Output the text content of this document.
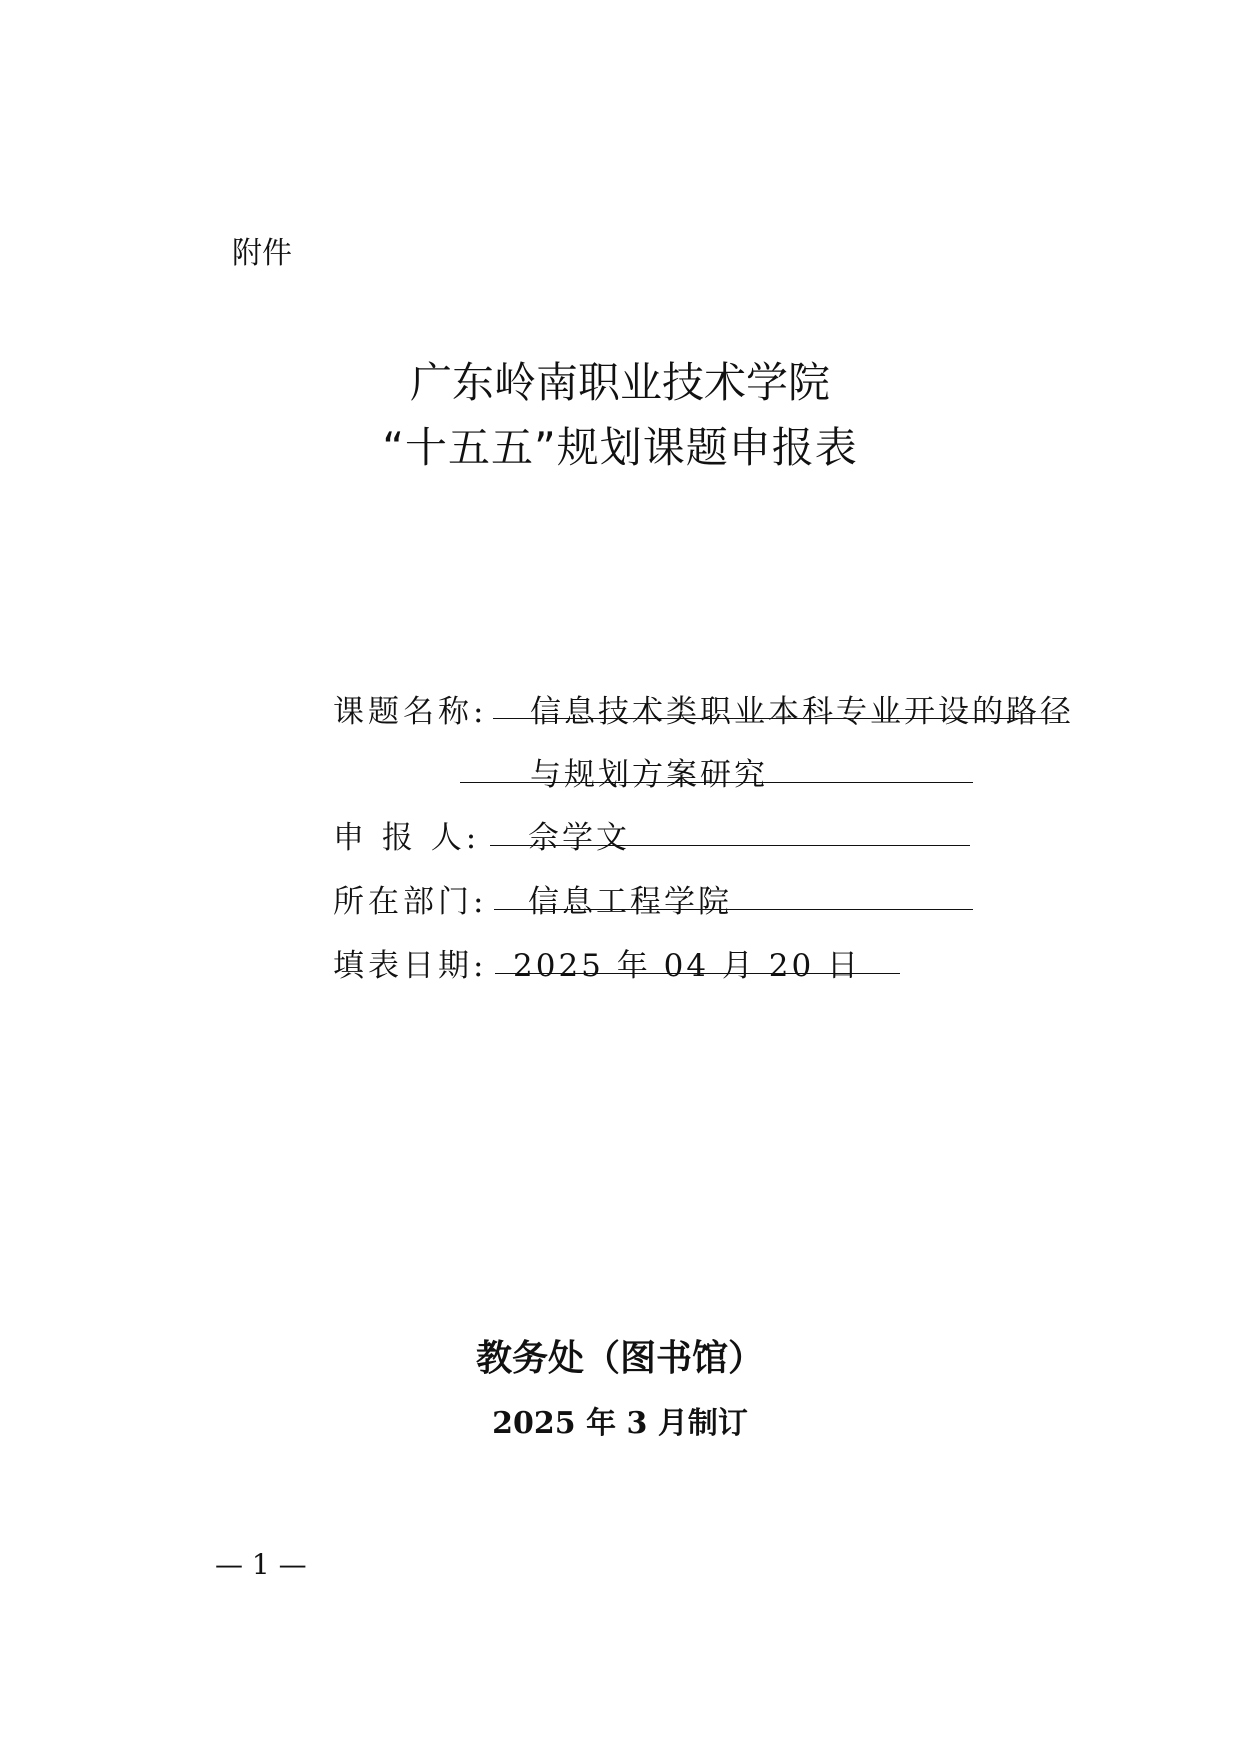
附件
广东岭南职业技术学院
“十五五”规划课题申报表
课题名称: 信息技术类职业本科专业开设的路径
与规划方案研究
申 报 人: 佘学文
所在部门: 信息工程学院
填表日期: 2025 年 04 月 20 日
教务处（图书馆）
2025 年 3 月制订
— 1 —
